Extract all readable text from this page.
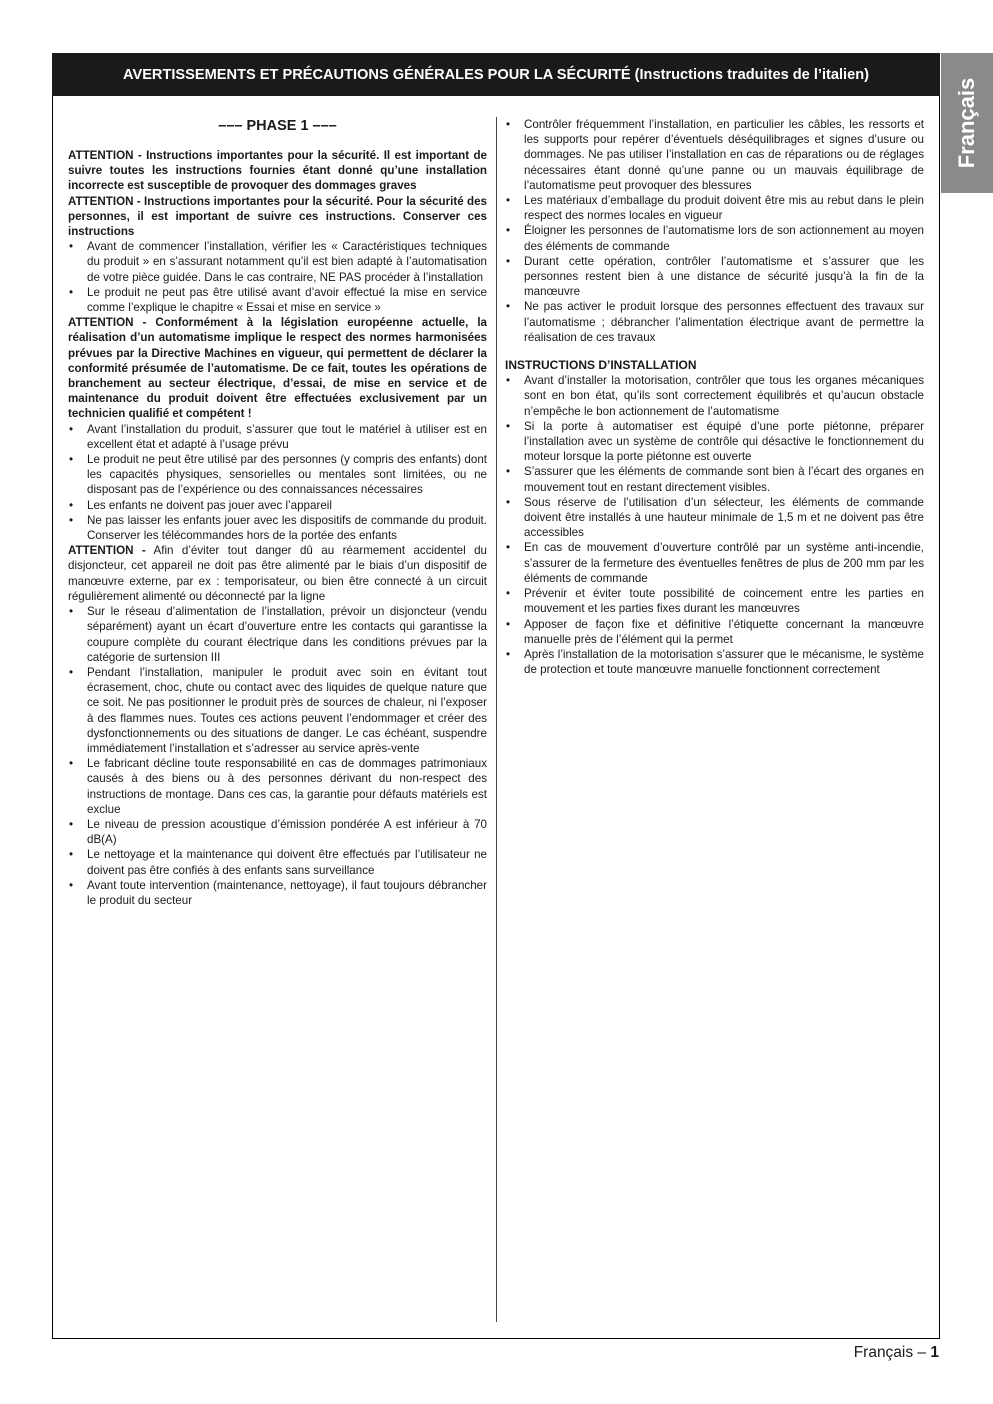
AVERTISSEMENTS ET PRÉCAUTIONS GÉNÉRALES POUR LA SÉCURITÉ (Instructions traduites de l’italien)
Français
––– PHASE 1 –––

ATTENTION - Instructions importantes pour la sécurité. Il est important de suivre toutes les instructions fournies étant donné qu’une installation incorrecte est susceptible de provoquer des dommages graves

ATTENTION - Instructions importantes pour la sécurité. Pour la sécurité des personnes, il est important de suivre ces instructions. Conserver ces instructions

• Avant de commencer l’installation, vérifier les « Caractéristiques techniques du produit » en s’assurant notamment qu’il est bien adapté à l’automatisation de votre pièce guidée. Dans le cas contraire, NE PAS procéder à l’installation
• Le produit ne peut pas être utilisé avant d’avoir effectué la mise en service comme l’explique le chapitre « Essai et mise en service »

ATTENTION - Conformément à la législation européenne actuelle, la réalisation d’un automatisme implique le respect des normes harmonisées prévues par la Directive Machines en vigueur, qui permettent de déclarer la conformité présumée de l’automatisme. De ce fait, toutes les opérations de branchement au secteur électrique, d’essai, de mise en service et de maintenance du produit doivent être effectuées exclusivement par un technicien qualifié et compétent !

• Avant l’installation du produit, s’assurer que tout le matériel à utiliser est en excellent état et adapté à l’usage prévu
• Le produit ne peut être utilisé par des personnes (y compris des enfants) dont les capacités physiques, sensorielles ou mentales sont limitées, ou ne disposant pas de l’expérience ou des connaissances nécessaires
• Les enfants ne doivent pas jouer avec l’appareil
• Ne pas laisser les enfants jouer avec les dispositifs de commande du produit. Conserver les télécommandes hors de la portée des enfants

ATTENTION - Afin d’éviter tout danger dû au réarmement accidentel du disjoncteur, cet appareil ne doit pas être alimenté par le biais d’un dispositif de manœuvre externe, par ex : temporisateur, ou bien être connecté à un circuit régulièrement alimenté ou déconnecté par la ligne

• Sur le réseau d’alimentation de l’installation, prévoir un disjoncteur (vendu séparément) ayant un écart d’ouverture entre les contacts qui garantisse la coupure complète du courant électrique dans les conditions prévues par la catégorie de surtension III
• Pendant l’installation, manipuler le produit avec soin en évitant tout écrasement, choc, chute ou contact avec des liquides de quelque nature que ce soit. Ne pas positionner le produit près de sources de chaleur, ni l’exposer à des flammes nues. Toutes ces actions peuvent l’endommager et créer des dysfonctionnements ou des situations de danger. Le cas échéant, suspendre immédiatement l’installation et s’adresser au service après-vente
• Le fabricant décline toute responsabilité en cas de dommages patrimoniaux causés à des biens ou à des personnes dérivant du non-respect des instructions de montage. Dans ces cas, la garantie pour défauts matériels est exclue
• Le niveau de pression acoustique d’émission pondérée A est inférieur à 70 dB(A)
• Le nettoyage et la maintenance qui doivent être effectués par l’utilisateur ne doivent pas être confiés à des enfants sans surveillance
• Avant toute intervention (maintenance, nettoyage), il faut toujours débrancher le produit du secteur
• Contrôler fréquemment l’installation, en particulier les câbles, les ressorts et les supports pour repérer d’éventuels déséquilibrages et signes d’usure ou dommages. Ne pas utiliser l’installation en cas de réparations ou de réglages nécessaires étant donné qu’une panne ou un mauvais équilibrage de l’automatisme peut provoquer des blessures
• Les matériaux d’emballage du produit doivent être mis au rebut dans le plein respect des normes locales en vigueur
• Éloigner les personnes de l’automatisme lors de son actionnement au moyen des éléments de commande
• Durant cette opération, contrôler l’automatisme et s’assurer que les personnes restent bien à une distance de sécurité jusqu’à la fin de la manœuvre
• Ne pas activer le produit lorsque des personnes effectuent des travaux sur l’automatisme ; débrancher l’alimentation électrique avant de permettre la réalisation de ces travaux
INSTRUCTIONS D’INSTALLATION
• Avant d’installer la motorisation, contrôler que tous les organes mécaniques sont en bon état, qu’ils sont correctement équilibrés et qu’aucun obstacle n’empêche le bon actionnement de l’automatisme
• Si la porte à automatiser est équipé d’une porte piétonne, préparer l’installation avec un système de contrôle qui désactive le fonctionnement du moteur lorsque la porte piétonne est ouverte
• S’assurer que les éléments de commande sont bien à l’écart des organes en mouvement tout en restant directement visibles.
• Sous réserve de l’utilisation d’un sélecteur, les éléments de commande doivent être installés à une hauteur minimale de 1,5 m et ne doivent pas être accessibles
• En cas de mouvement d’ouverture contrôlé par un système anti-incendie, s’assurer de la fermeture des éventuelles fenêtres de plus de 200 mm par les éléments de commande
• Prévenir et éviter toute possibilité de coincement entre les parties en mouvement et les parties fixes durant les manœuvres
• Apposer de façon fixe et définitive l’étiquette concernant la manœuvre manuelle près de l’élément qui la permet
• Après l’installation de la motorisation s’assurer que le mécanisme, le système de protection et toute manœuvre manuelle fonctionnent correctement
Français – 1
